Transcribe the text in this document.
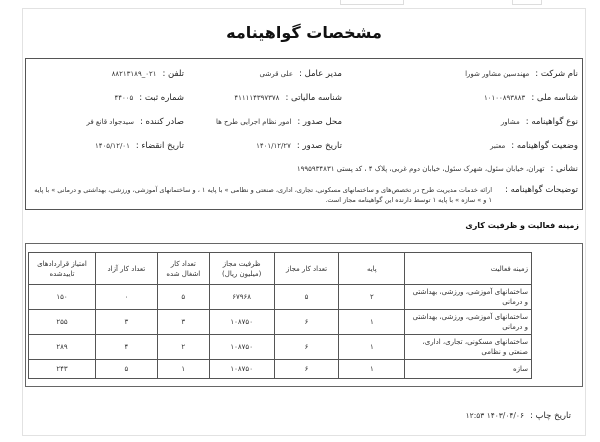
مشخصات گواهینامه
نام شرکت :مهندسین مشاور شورا
مدیر عامل :علی قرشی
تلفن :۰۲۱_۸۸۲۱۳۱۸۹
شناسه ملی :۱۰۱۰۰۸۹۳۸۸۳
شناسه مالیاتی :۴۱۱۱۱۴۳۹۷۳۷۸
شماره ثبت :۴۴۰۰۵
نوع گواهینامه :مشاور
محل صدور :امور نظام اجرایی طرح ها
صادر کننده :سیدجواد قانع فر
وضعیت گواهینامه :معتبر
تاریخ صدور :۱۴۰۱/۱۲/۲۷
تاریخ انقضاء :۱۴۰۵/۱۲/۰۱
نشانی :تهران، خیابان سئول، شهرک سئول، خیابان دوم غربی، پلاک ۴ ، کد پستی ۱۹۹۵۹۳۴۸۳۱
توضیحات گواهینامه :
ارائه خدمات مدیریت طرح در تخصص‌های و ساختمانهای مسکونی، تجاری، اداری، صنعتی و نظامی » با پایه ۱ ، و ساختمانهای آموزشی، ورزشی، بهداشتی و درمانی » با پایه ۱ و » سازه » با پایه ۱ توسط دارنده این گواهینامه مجاز است.
زمینه فعالیت و ظرفیت کاری
زمینه فعالیت	پایه	تعداد کار مجاز	ظرفیت مجاز (میلیون ریال)	تعداد کار اشغال شده	تعداد کار آزاد	امتیاز قراردادهای تاییدشده
ساختمانهای آموزشی، ورزشی، بهداشتی و درمانی	۲	۵	۶۷۹۶۸	۵	۰	۱۵۰
ساختمانهای آموزشی، ورزشی، بهداشتی و درمانی	۱	۶	۱۰۸۷۵۰	۳	۳	۲۵۵
ساختمانهای مسکونی، تجاری، اداری، صنعتی و نظامی	۱	۶	۱۰۸۷۵۰	۲	۴	۲۸۹
سازه	۱	۶	۱۰۸۷۵۰	۱	۵	۲۴۳
تاریخ چاپ :۱۴۰۳/۰۴/۰۶ ۱۲:۵۳
